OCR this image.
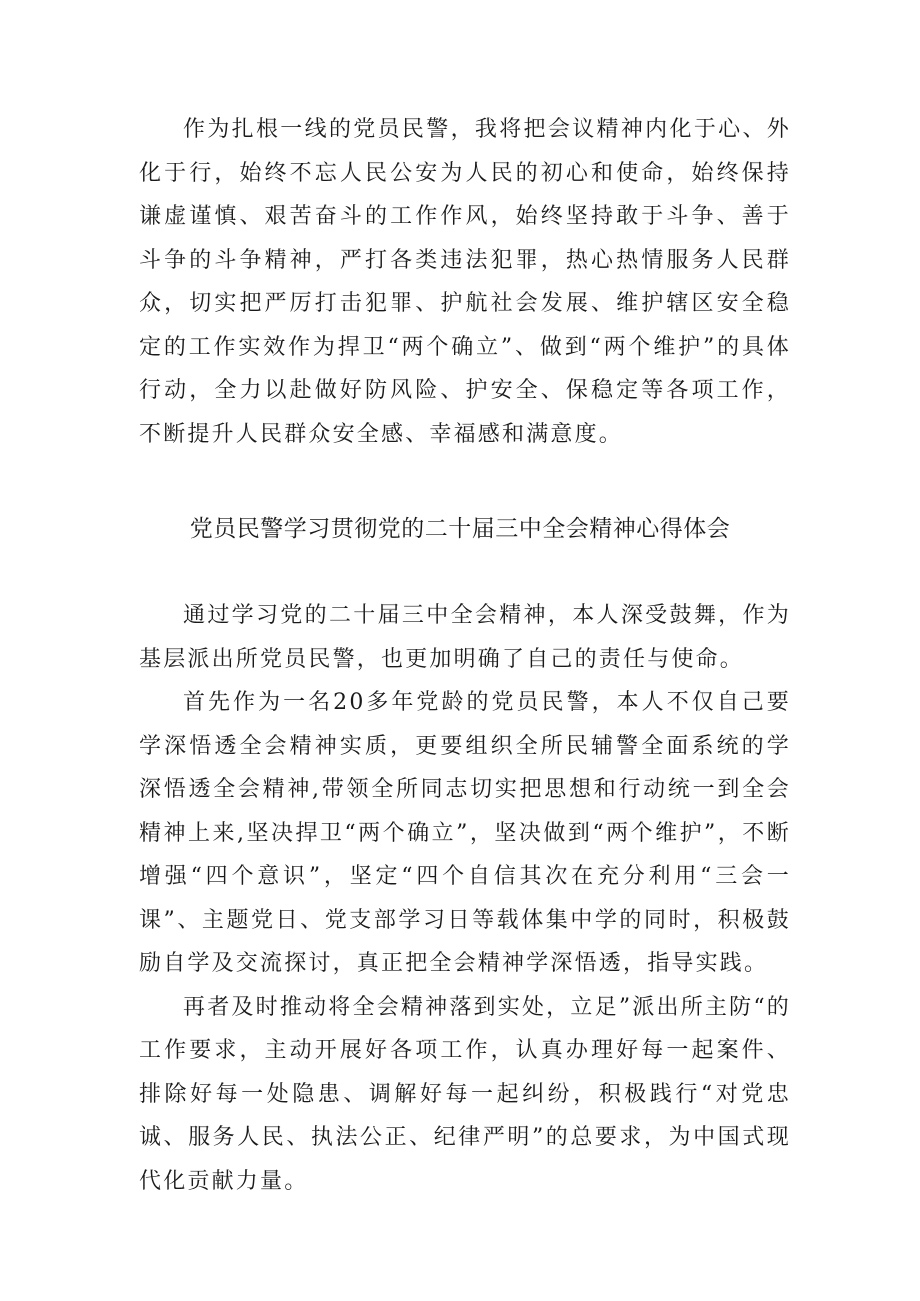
作为扎根一线的党员民警，我将把会议精神内化于心、外化于行，始终不忘人民公安为人民的初心和使命，始终保持谦虚谨慎、艰苦奋斗的工作作风，始终坚持敢于斗争、善于斗争的斗争精神，严打各类违法犯罪，热心热情服务人民群众，切实把严厉打击犯罪、护航社会发展、维护辖区安全稳定的工作实效作为捍卫“两个确立”、做到“两个维护”的具体行动，全力以赴做好防风险、护安全、保稳定等各项工作，不断提升人民群众安全感、幸福感和满意度。

党员民警学习贯彻党的二十届三中全会精神心得体会

通过学习党的二十届三中全会精神，本人深受鼓舞，作为基层派出所党员民警，也更加明确了自己的责任与使命。

首先作为一名20多年党龄的党员民警，本人不仅自己要学深悟透全会精神实质，更要组织全所民辅警全面系统的学深悟透全会精神,带领全所同志切实把思想和行动统一到全会精神上来,坚决捍卫“两个确立”，坚决做到“两个维护”，不断增强“四个意识”，坚定“四个自信其次在充分利用“三会一课”、主题党日、党支部学习日等载体集中学的同时，积极鼓励自学及交流探讨，真正把全会精神学深悟透，指导实践。

再者及时推动将全会精神落到实处，立足”派出所主防“的工作要求，主动开展好各项工作，认真办理好每一起案件、排除好每一处隐患、调解好每一起纠纷，积极践行“对党忠诚、服务人民、执法公正、纪律严明”的总要求，为中国式现代化贡献力量。
